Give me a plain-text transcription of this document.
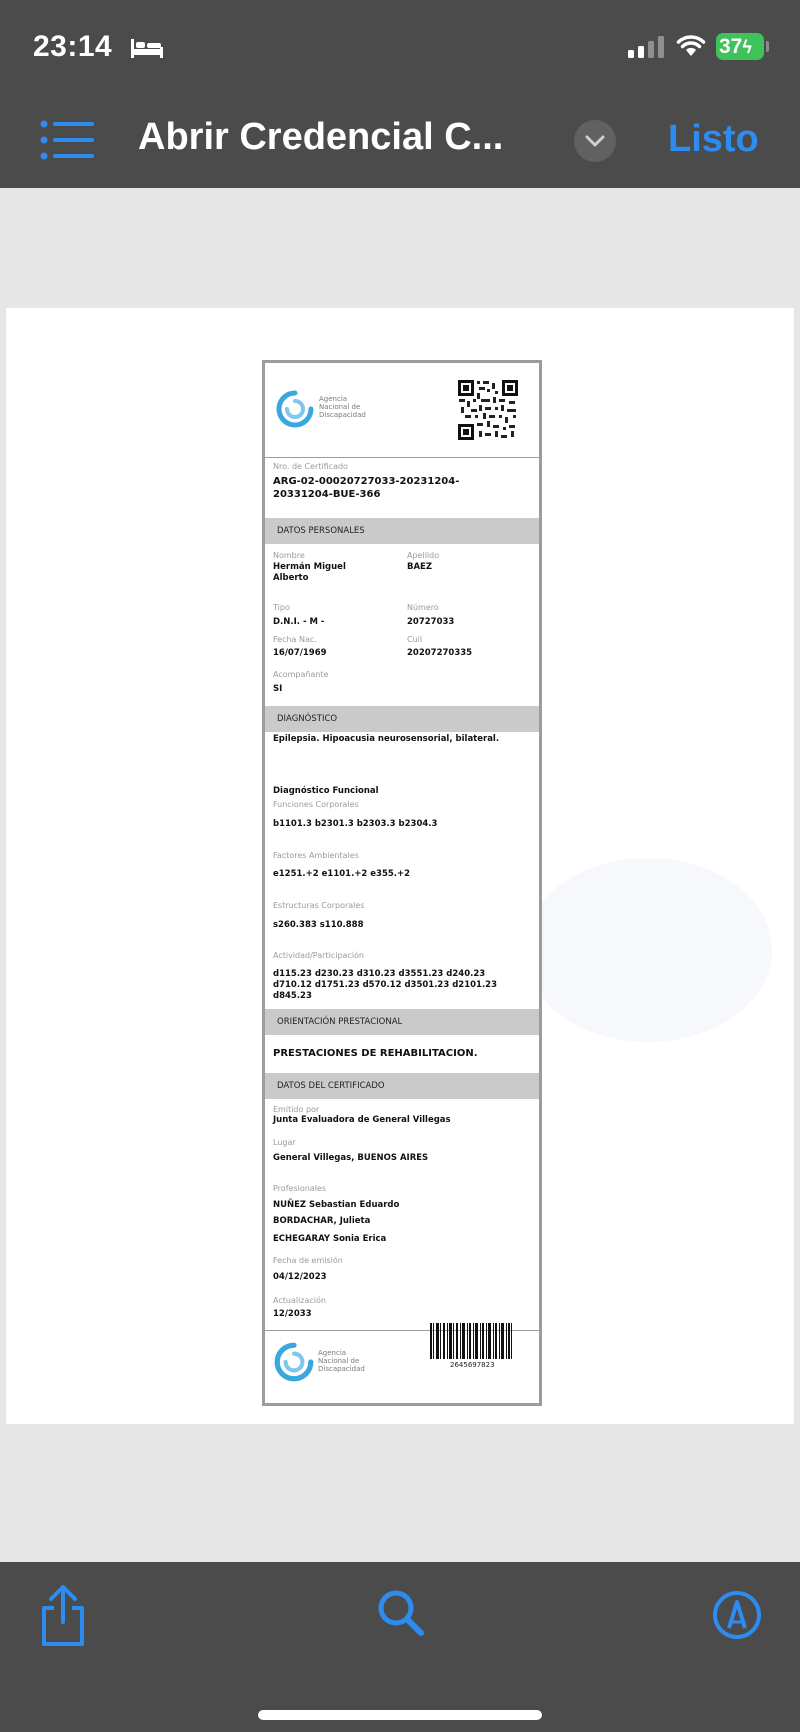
23:14	37ϟ
Abrir Credencial C...	Listo
Agencia
Nacional de
Discapacidad
Nro. de Certificado
ARG-02-00020727033-20231204-
20331204-BUE-366
DATOS PERSONALES
Nombre
Hermán Miguel
Alberto
Apellido
BAEZ
Tipo
D.N.I. - M -
Número
20727033
Fecha Nac.
16/07/1969
Cuil
20207270335
Acompañante
SI
DIAGNÓSTICO
Epilepsia. Hipoacusia neurosensorial, bilateral.
Diagnóstico Funcional
Funciones Corporales
b1101.3 b2301.3 b2303.3 b2304.3
Factores Ambientales
e1251.+2 e1101.+2 e355.+2
Estructuras Corporales
s260.383 s110.888
Actividad/Participación
d115.23 d230.23 d310.23 d3551.23 d240.23
d710.12 d1751.23 d570.12 d3501.23 d2101.23
d845.23
ORIENTACIÓN PRESTACIONAL
PRESTACIONES DE REHABILITACION.
DATOS DEL CERTIFICADO
Emitido por
Junta Evaluadora de General Villegas
Lugar
General Villegas, BUENOS AIRES
Profesionales
NUÑEZ Sebastian Eduardo
BORDACHAR, Julieta
ECHEGARAY Sonia Erica
Fecha de emisión
04/12/2023
Actualización
12/2033
Agencia
Nacional de
Discapacidad	2645697823
